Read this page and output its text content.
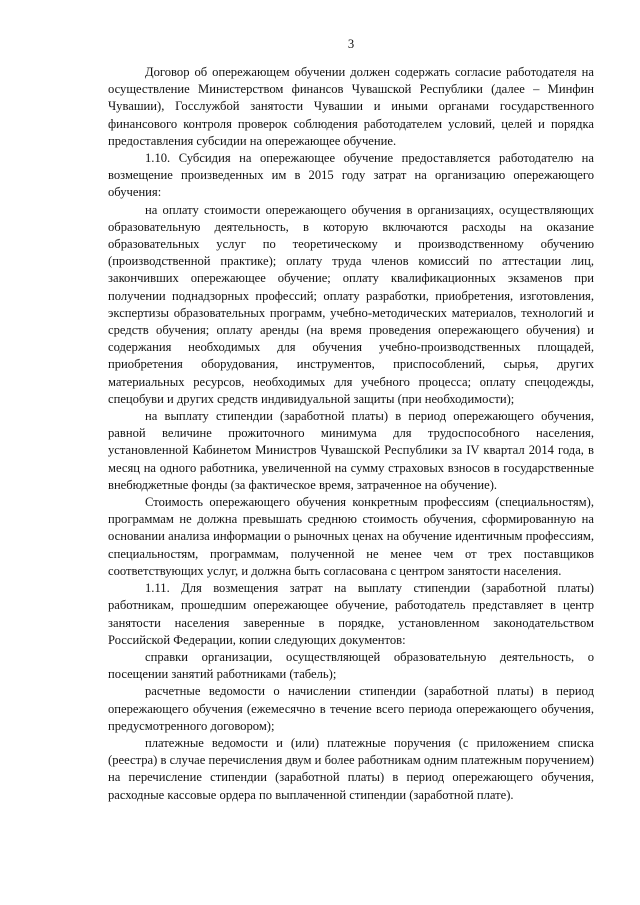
3

Договор об опережающем обучении должен содержать согласие работодателя на осуществление Министерством финансов Чувашской Республики (далее – Минфин Чувашии), Госслужбой занятости Чувашии и иными органами государственного финансового контроля проверок соблюдения работодателем условий, целей и порядка предоставления субсидии на опережающее обучение.

1.10. Субсидия на опережающее обучение предоставляется работодателю на возмещение произведенных им в 2015 году затрат на организацию опережающего обучения:

на оплату стоимости опережающего обучения в организациях, осуществляющих образовательную деятельность, в которую включаются расходы на оказание образовательных услуг по теоретическому и производственному обучению (производственной практике); оплату труда членов комиссий по аттестации лиц, закончивших опережающее обучение; оплату квалификационных экзаменов при получении поднадзорных профессий; оплату разработки, приобретения, изготовления, экспертизы образовательных программ, учебно-методических материалов, технологий и средств обучения; оплату аренды (на время проведения опережающего обучения) и содержания необходимых для обучения учебно-производственных площадей, приобретения оборудования, инструментов, приспособлений, сырья, других материальных ресурсов, необходимых для учебного процесса; оплату спецодежды, спецобуви и других средств индивидуальной защиты (при необходимости);

на выплату стипендии (заработной платы) в период опережающего обучения, равной величине прожиточного минимума для трудоспособного населения, установленной Кабинетом Министров Чувашской Республики за IV квартал 2014 года, в месяц на одного работника, увеличенной на сумму страховых взносов в государственные внебюджетные фонды (за фактическое время, затраченное на обучение).

Стоимость опережающего обучения конкретным профессиям (специальностям), программам не должна превышать среднюю стоимость обучения, сформированную на основании анализа информации о рыночных ценах на обучение идентичным профессиям, специальностям, программам, полученной не менее чем от трех поставщиков соответствующих услуг, и должна быть согласована с центром занятости населения.

1.11. Для возмещения затрат на выплату стипендии (заработной платы) работникам, прошедшим опережающее обучение, работодатель представляет в центр занятости населения заверенные в порядке, установленном законодательством Российской Федерации, копии следующих документов:

справки организации, осуществляющей образовательную деятельность, о посещении занятий работниками (табель);

расчетные ведомости о начислении стипендии (заработной платы) в период опережающего обучения (ежемесячно в течение всего периода опережающего обучения, предусмотренного договором);

платежные ведомости и (или) платежные поручения (с приложением списка (реестра) в случае перечисления двум и более работникам одним платежным поручением) на перечисление стипендии (заработной платы) в период опережающего обучения, расходные кассовые ордера по выплаченной стипендии (заработной плате).
